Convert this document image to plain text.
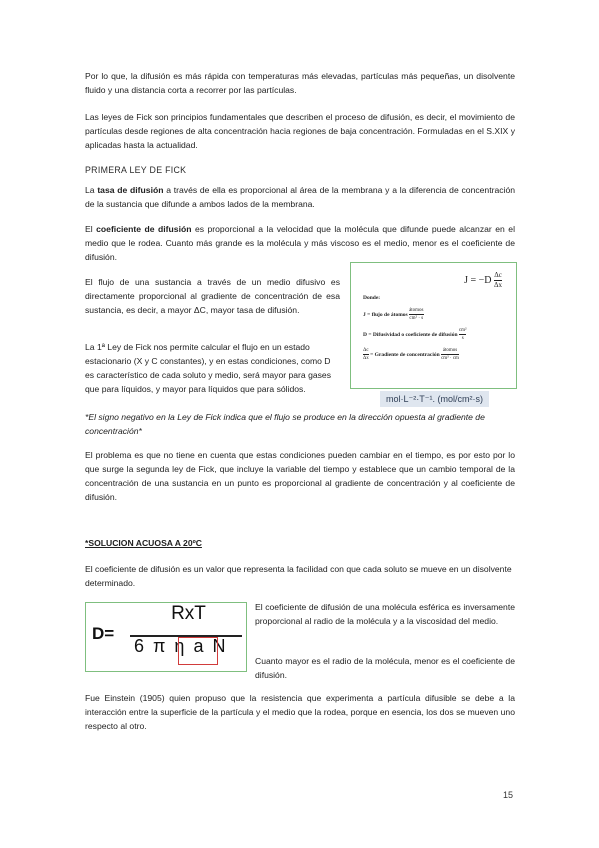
Por lo que, la difusión es más rápida con temperaturas más elevadas, partículas más pequeñas, un disolvente fluido y una distancia corta a recorrer por las partículas.

Las leyes de Fick son principios fundamentales que describen el proceso de difusión, es decir, el movimiento de partículas desde regiones de alta concentración hacia regiones de baja concentración. Formuladas en el S.XIX y aplicadas hasta la actualidad.

PRIMERA LEY DE FICK

La tasa de difusión a través de ella es proporcional al área de la membrana y a la diferencia de concentración de la sustancia que difunde a ambos lados de la membrana.

El coeficiente de difusión es proporcional a la velocidad que la molécula que difunde puede alcanzar en el medio que le rodea. Cuanto más grande es la molécula y más viscoso es el medio, menor es el coeficiente de difusión.

El flujo de una sustancia a través de un medio difusivo es directamente proporcional al gradiente de concentración de esa sustancia, es decir, a mayor ΔC, mayor tasa de difusión.

La 1ª Ley de Fick nos permite calcular el flujo en un estado estacionario (X y C constantes), y en estas condiciones, como D es característico de cada soluto y medio, será mayor para gases que para líquidos, y mayor para líquidos que para sólidos.

$J = -D \frac{\Delta c}{\Delta x}$
Donde:
J = flujo de átomos $\frac{\text{átomos}}{\text{cm² · s}}$
D = Difusividad o coeficiente de difusión $\frac{\text{cm²}}{s}$
$\frac{\Delta c}{\Delta x}$ = Gradiente de concentración $\frac{\text{átomos}}{\text{cm³ · cm}}$
mol·L⁻²·T⁻¹. (mol/cm²·s)

*El signo negativo en la Ley de Fick indica que el flujo se produce en la dirección opuesta al gradiente de concentración*

El problema es que no tiene en cuenta que estas condiciones pueden cambiar en el tiempo, es por esto por lo que surge la segunda ley de Fick, que incluye la variable del tiempo y establece que un cambio temporal de la concentración de una sustancia en un punto es proporcional al gradiente de concentración y al coeficiente de difusión.

*SOLUCION ACUOSA A 20ºC

El coeficiente de difusión es un valor que representa la facilidad con que cada soluto se mueve en un disolvente determinado.

D=
RxT
6 π η a N

El coeficiente de difusión de una molécula esférica es inversamente proporcional al radio de la molécula y a la viscosidad del medio.

Cuanto mayor es el radio de la molécula, menor es el coeficiente de difusión.

Fue Einstein (1905) quien propuso que la resistencia que experimenta a partícula difusible se debe a la interacción entre la superficie de la partícula y el medio que la rodea, porque en esencia, los dos se mueven uno respecto al otro.

15
